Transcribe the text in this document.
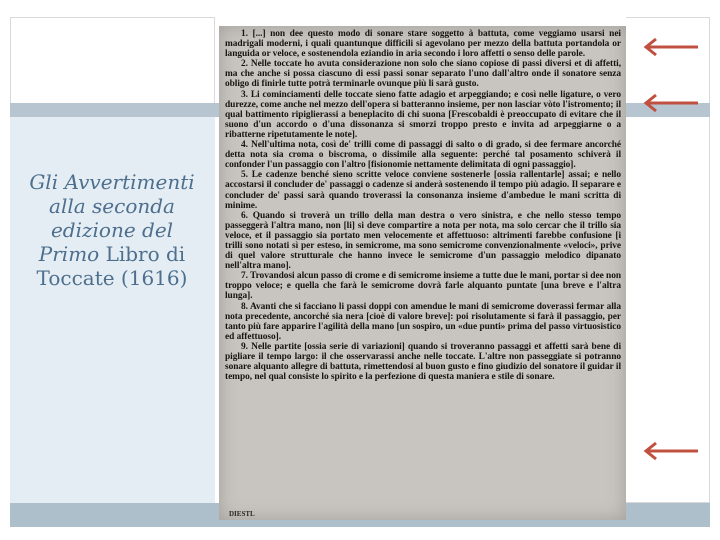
Gli Avvertimenti alla seconda edizione del Primo Libro di Toccate (1616)

1. [...] non dee questo modo di sonare stare soggetto à battuta, come veggiamo usarsi nei madrigali moderni, i quali quantunque difficili si agevolano per mezzo della battuta portandola or languida or veloce, e sostenendola eziandio in aria secondo i loro affetti o senso delle parole.

2. Nelle toccate ho avuta considerazione non solo che siano copiose di passi diversi et di affetti, ma che anche si possa ciascuno di essi passi sonar separato l'uno dall'altro onde il sonatore senza obligo di finirle tutte potrà terminarle ovunque più li sarà gusto.

3. Li cominciamenti delle toccate sieno fatte adagio et arpeggiando; e così nelle ligature, o vero durezze, come anche nel mezzo dell'opera si batteranno insieme, per non lasciar vòto l'istromento; il qual battimento ripiglierassi a beneplacito di chi suona [Frescobaldi è preoccupato di evitare che il suono d'un accordo o d'una dissonanza si smorzi troppo presto e invita ad arpeggiarne o a ribatterne ripetutamente le note].

4. Nell'ultima nota, così de' trilli come di passaggi di salto o di grado, si dee fermare ancorché detta nota sia croma o biscroma, o dissimile alla seguente: perché tal posamento schiverà il confonder l'un passaggio con l'altro [fisionomie nettamente delimitata di ogni passaggio].

5. Le cadenze benché sieno scritte veloce conviene sostenerle [ossia rallentarle] assai; e nello accostarsi il concluder de' passaggi o cadenze si anderà sostenendo il tempo più adagio. Il separare e concluder de' passi sarà quando troverassi la consonanza insieme d'ambedue le mani scritta di minime.

6. Quando si troverà un trillo della man destra o vero sinistra, e che nello stesso tempo passeggerà l'altra mano, non [li] si deve compartire a nota per nota, ma solo cercar che il trillo sia veloce, et il passaggio sia portato men velocemente et affettuoso: altrimenti farebbe confusione [i trilli sono notati sì per esteso, in semicrome, ma sono semicrome convenzionalmente «veloci», prive di quel valore strutturale che hanno invece le semicrome d'un passaggio melodico dipanato nell'altra mano].

7. Trovandosi alcun passo di crome e di semicrome insieme a tutte due le mani, portar si dee non troppo veloce; e quella che farà le semicrome dovrà farle alquanto puntate [una breve e l'altra lunga].

8. Avanti che si facciano li passi doppi con amendue le mani di semicrome doverassi fermar alla nota precedente, ancorché sia nera [cioè di valore breve]: poi risolutamente si farà il passaggio, per tanto più fare apparire l'agilità della mano [un sospiro, un «due punti» prima del passo virtuosistico ed affettuoso].

9. Nelle partite [ossia serie di variazioni] quando si troveranno passaggi et affetti sarà bene di pigliare il tempo largo: il che osservarassi anche nelle toccate. L'altre non passeggiate si potranno sonare alquanto allegre di battuta, rimettendosi al buon gusto e fino giudizio del sonatore il guidar il tempo, nel qual consiste lo spirito e la perfezione di questa maniera e stile di sonare.

DIESTL
